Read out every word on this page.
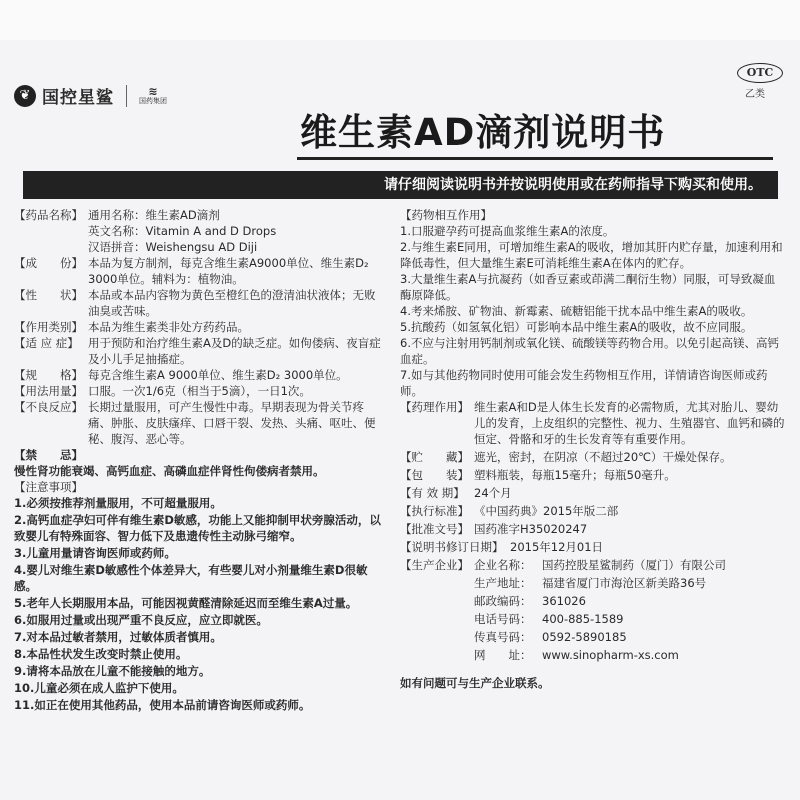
❦ 国控星鲨	≋
国药集团
OTC
乙类
维生素AD滴剂说明书
请仔细阅读说明书并按说明使用或在药师指导下购买和使用。
【药品名称】 通用名称：维生素AD滴剂

英文名称：Vitamin A and D Drops

汉语拼音：Weishengsu AD Diji

【成　　份】 本品为复方制剂，每克含维生素A9000单位、维生素D₂ 3000单位。辅料为：植物油。
【性　　状】 本品或本品内容物为黄色至橙红色的澄清油状液体；无败油臭或苦味。
【作用类别】 本品为维生素类非处方药药品。
【适 应 症】 用于预防和治疗维生素A及D的缺乏症。如佝偻病、夜盲症及小儿手足抽搐症。
【规　　格】 每克含维生素A 9000单位、维生素D₂ 3000单位。
【用法用量】 口服。一次1/6克（相当于5滴），一日1次。
【不良反应】 长期过量服用，可产生慢性中毒。早期表现为骨关节疼痛、肿胀、皮肤瘙痒、口唇干裂、发热、头痛、呕吐、便秘、腹泻、恶心等。

【禁　　忌】

慢性肾功能衰竭、高钙血症、高磷血症伴肾性佝偻病者禁用。

【注意事项】

1.必须按推荐剂量服用，不可超量服用。

2.高钙血症孕妇可伴有维生素D敏感，功能上又能抑制甲状旁腺活动，以致婴儿有特殊面容、智力低下及患遗传性主动脉弓缩窄。

3.儿童用量请咨询医师或药师。

4.婴儿对维生素D敏感性个体差异大，有些婴儿对小剂量维生素D很敏感。

5.老年人长期服用本品，可能因视黄醛清除延迟而至维生素A过量。

6.如服用过量或出现严重不良反应，应立即就医。

7.对本品过敏者禁用，过敏体质者慎用。

8.本品性状发生改变时禁止使用。

9.请将本品放在儿童不能接触的地方。

10.儿童必须在成人监护下使用。

11.如正在使用其他药品，使用本品前请咨询医师或药师。

【药物相互作用】

1.口服避孕药可提高血浆维生素A的浓度。

2.与维生素E同用，可增加维生素A的吸收，增加其肝内贮存量，加速利用和降低毒性，但大量维生素E可消耗维生素A在体内的贮存。

3.大量维生素A与抗凝药（如香豆素或茚满二酮衍生物）同服，可导致凝血酶原降低。

4.考来烯胺、矿物油、新霉素、硫糖铝能干扰本品中维生素A的吸收。

5.抗酸药（如氢氧化铝）可影响本品中维生素A的吸收，故不应同服。

6.不应与注射用钙制剂或氧化镁、硫酸镁等药物合用。以免引起高镁、高钙血症。

7.如与其他药物同时使用可能会发生药物相互作用，详情请咨询医师或药师。

【药理作用】 维生素A和D是人体生长发育的必需物质，尤其对胎儿、婴幼儿的发育，上皮组织的完整性、视力、生殖器官、血钙和磷的恒定、骨骼和牙的生长发育等有重要作用。
【贮　　藏】 遮光，密封，在阴凉（不超过20℃）干燥处保存。
【包　　装】 塑料瓶装，每瓶15毫升；每瓶50毫升。
【有 效 期】 24个月
【执行标准】 《中国药典》2015年版二部
【批准文号】 国药准字H35020247
【说明书修订日期】 2015年12月01日
【生产企业】 企业名称： 国药控股星鲨制药（厦门）有限公司
生产地址： 福建省厦门市海沧区新美路36号
邮政编码： 361026
电话号码： 400-885-1589
传真号码： 0592-5890185
网　　址： www.sinopharm-xs.com

如有问题可与生产企业联系。
